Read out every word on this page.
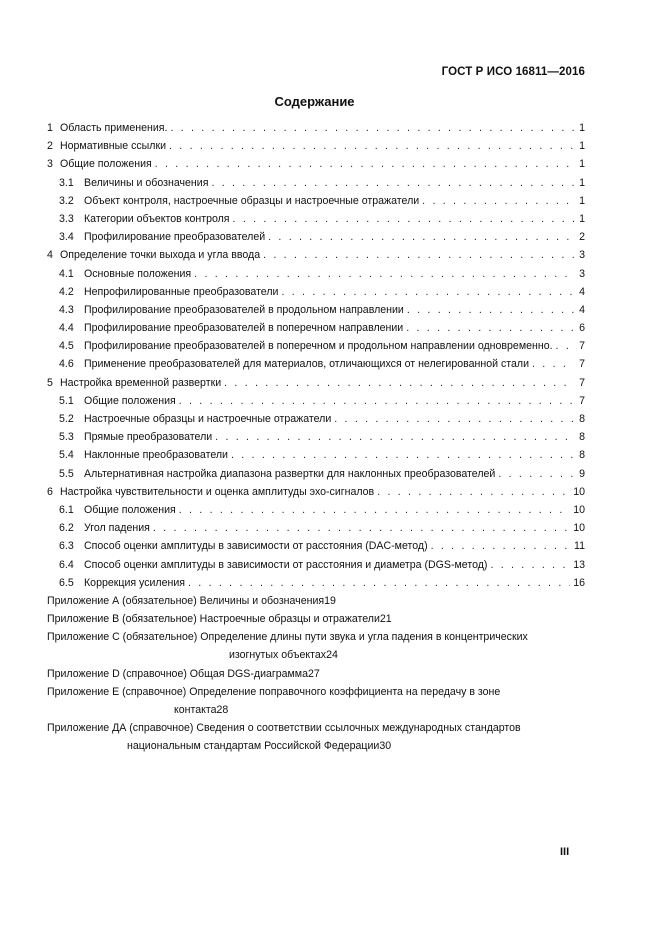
ГОСТ Р ИСО 16811—2016
Содержание
1 Область применения. . . .	1
2 Нормативные ссылки . . .	1
3 Общие положения . . .	1
3.1 Величины и обозначения . . .	1
3.2 Объект контроля, настроечные образцы и настроечные отражатели . . .	1
3.3 Категории объектов контроля . . .	1
3.4 Профилирование преобразователей . . .	2
4 Определение точки выхода и угла ввода . . .	3
4.1 Основные положения . . .	3
4.2 Непрофилированные преобразователи . . .	4
4.3 Профилирование преобразователей в продольном направлении . . .	4
4.4 Профилирование преобразователей в поперечном направлении . . .	6
4.5 Профилирование преобразователей в поперечном и продольном направлении одновременно. . . .	7
4.6 Применение преобразователей для материалов, отличающихся от нелегированной стали . . .	7
5 Настройка временной развертки . . .	7
5.1 Общие положения . . .	7
5.2 Настроечные образцы и настроечные отражатели . . .	8
5.3 Прямые преобразователи . . .	8
5.4 Наклонные преобразователи . . .	8
5.5 Альтернативная настройка диапазона развертки для наклонных преобразователей . . .	9
6 Настройка чувствительности и оценка амплитуды эхо-сигналов . . .	10
6.1 Общие положения . . .	10
6.2 Угол падения . . .	10
6.3 Способ оценки амплитуды в зависимости от расстояния (DAC-метод) . . .	11
6.4 Способ оценки амплитуды в зависимости от расстояния и диаметра (DGS-метод) . . .	13
6.5 Коррекция усиления . . .	16
Приложение А (обязательное) Величины и обозначения 19
Приложение В (обязательное) Настроечные образцы и отражатели 21
Приложение С (обязательное) Определение длины пути звука и угла падения в концентрических
изогнутых объектах 24
Приложение D (справочное) Общая DGS-диаграмма 27
Приложение Е (справочное) Определение поправочного коэффициента на передачу в зоне
контакта 28
Приложение ДА (справочное) Сведения о соответствии ссылочных международных стандартов
национальным стандартам Российской Федерации 30
III
